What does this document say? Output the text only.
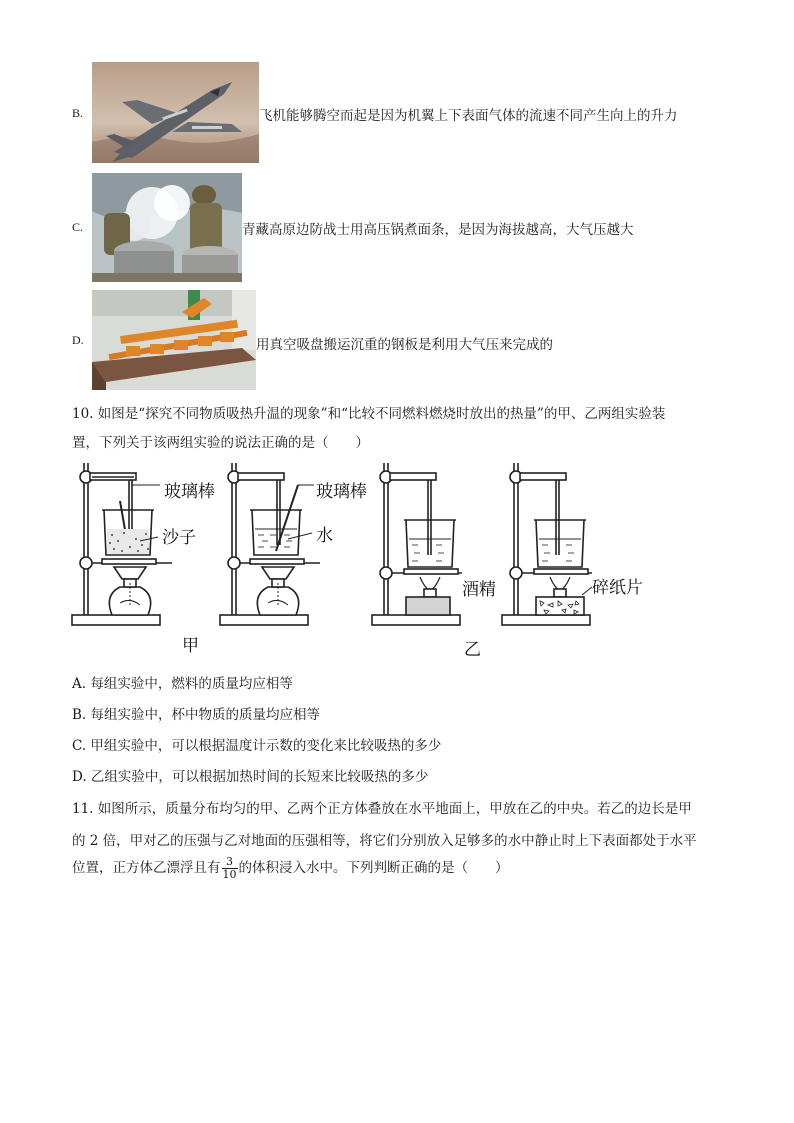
B.	飞机能够腾空而起是因为机翼上下表面气体的流速不同产生向上的升力
C.	青藏高原边防战士用高压锅煮面条，是因为海拔越高，大气压越大
D.	用真空吸盘搬运沉重的钢板是利用大气压来完成的
10. 如图是“探究不同物质吸热升温的现象”和“比较不同燃料燃烧时放出的热量”的甲、乙两组实验装
置，下列关于该两组实验的说法正确的是（　　）
玻璃棒
沙子
玻璃棒
水
酒精	碎纸片
甲	乙
A. 每组实验中，燃料的质量均应相等
B. 每组实验中，杯中物质的质量均应相等
C. 甲组实验中，可以根据温度计示数的变化来比较吸热的多少
D. 乙组实验中，可以根据加热时间的长短来比较吸热的多少
11. 如图所示，质量分布均匀的甲、乙两个正方体叠放在水平地面上，甲放在乙的中央。若乙的边长是甲
的 2 倍，甲对乙的压强与乙对地面的压强相等，将它们分别放入足够多的水中静止时上下表面都处于水平
位置，正方体乙漂浮且有 $\frac{3}{10}$ 的体积浸入水中。下列判断正确的是（　　）
